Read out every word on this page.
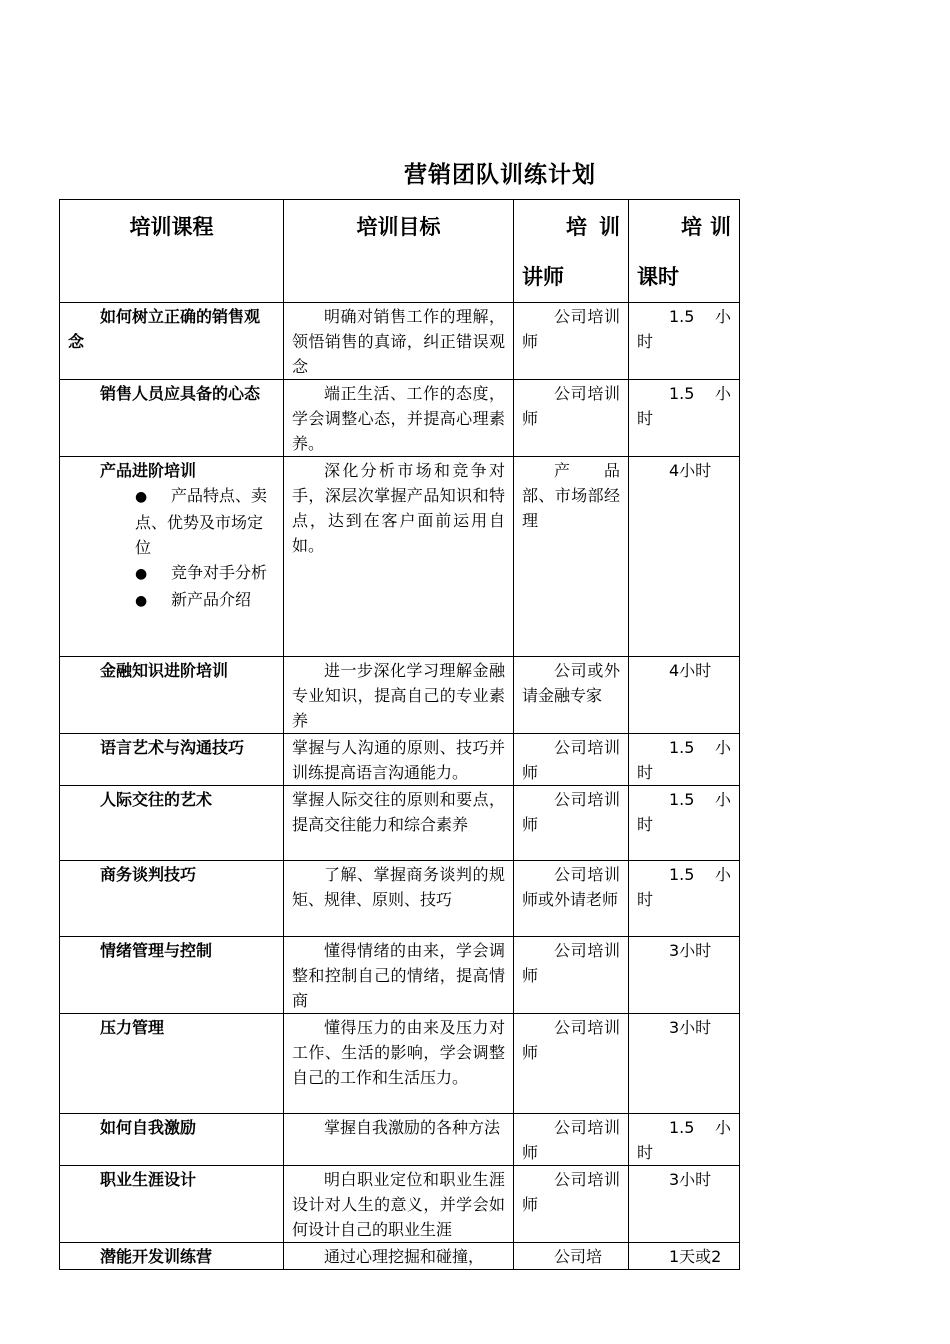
营销团队训练计划
培训课程	培训目标	培 训 讲师	培 训 课时
如何树立正确的销售观念	明确对销售工作的理解，领悟销售的真谛，纠正错误观念	公司培训师	1.5 小时
销售人员应具备的心态	端正生活、工作的态度，学会调整心态，并提高心理素养。	公司培训师	1.5 小时
产品进阶培训
● 产品特点、卖点、优势及市场定位
● 竞争对手分析
● 新产品介绍	深化分析市场和竞争对手，深层次掌握产品知识和特点，达到在客户面前运用自如。	产 品 部、市场部经理	4小时
金融知识进阶培训	进一步深化学习理解金融专业知识，提高自己的专业素养	公司或外请金融专家	4小时
语言艺术与沟通技巧	掌握与人沟通的原则、技巧并训练提高语言沟通能力。	公司培训师	1.5 小时
人际交往的艺术	掌握人际交往的原则和要点，提高交往能力和综合素养	公司培训师	1.5 小时
商务谈判技巧	了解、掌握商务谈判的规矩、规律、原则、技巧	公司培训师或外请老师	1.5 小时
情绪管理与控制	懂得情绪的由来，学会调整和控制自己的情绪，提高情商	公司培训师	3小时
压力管理	懂得压力的由来及压力对工作、生活的影响，学会调整自己的工作和生活压力。	公司培训师	3小时
如何自我激励	掌握自我激励的各种方法	公司培训师	1.5 小时
职业生涯设计	明白职业定位和职业生涯设计对人生的意义，并学会如何设计自己的职业生涯	公司培训师	3小时
潜能开发训练营	通过心理挖掘和碰撞，	公司培	1天或2
